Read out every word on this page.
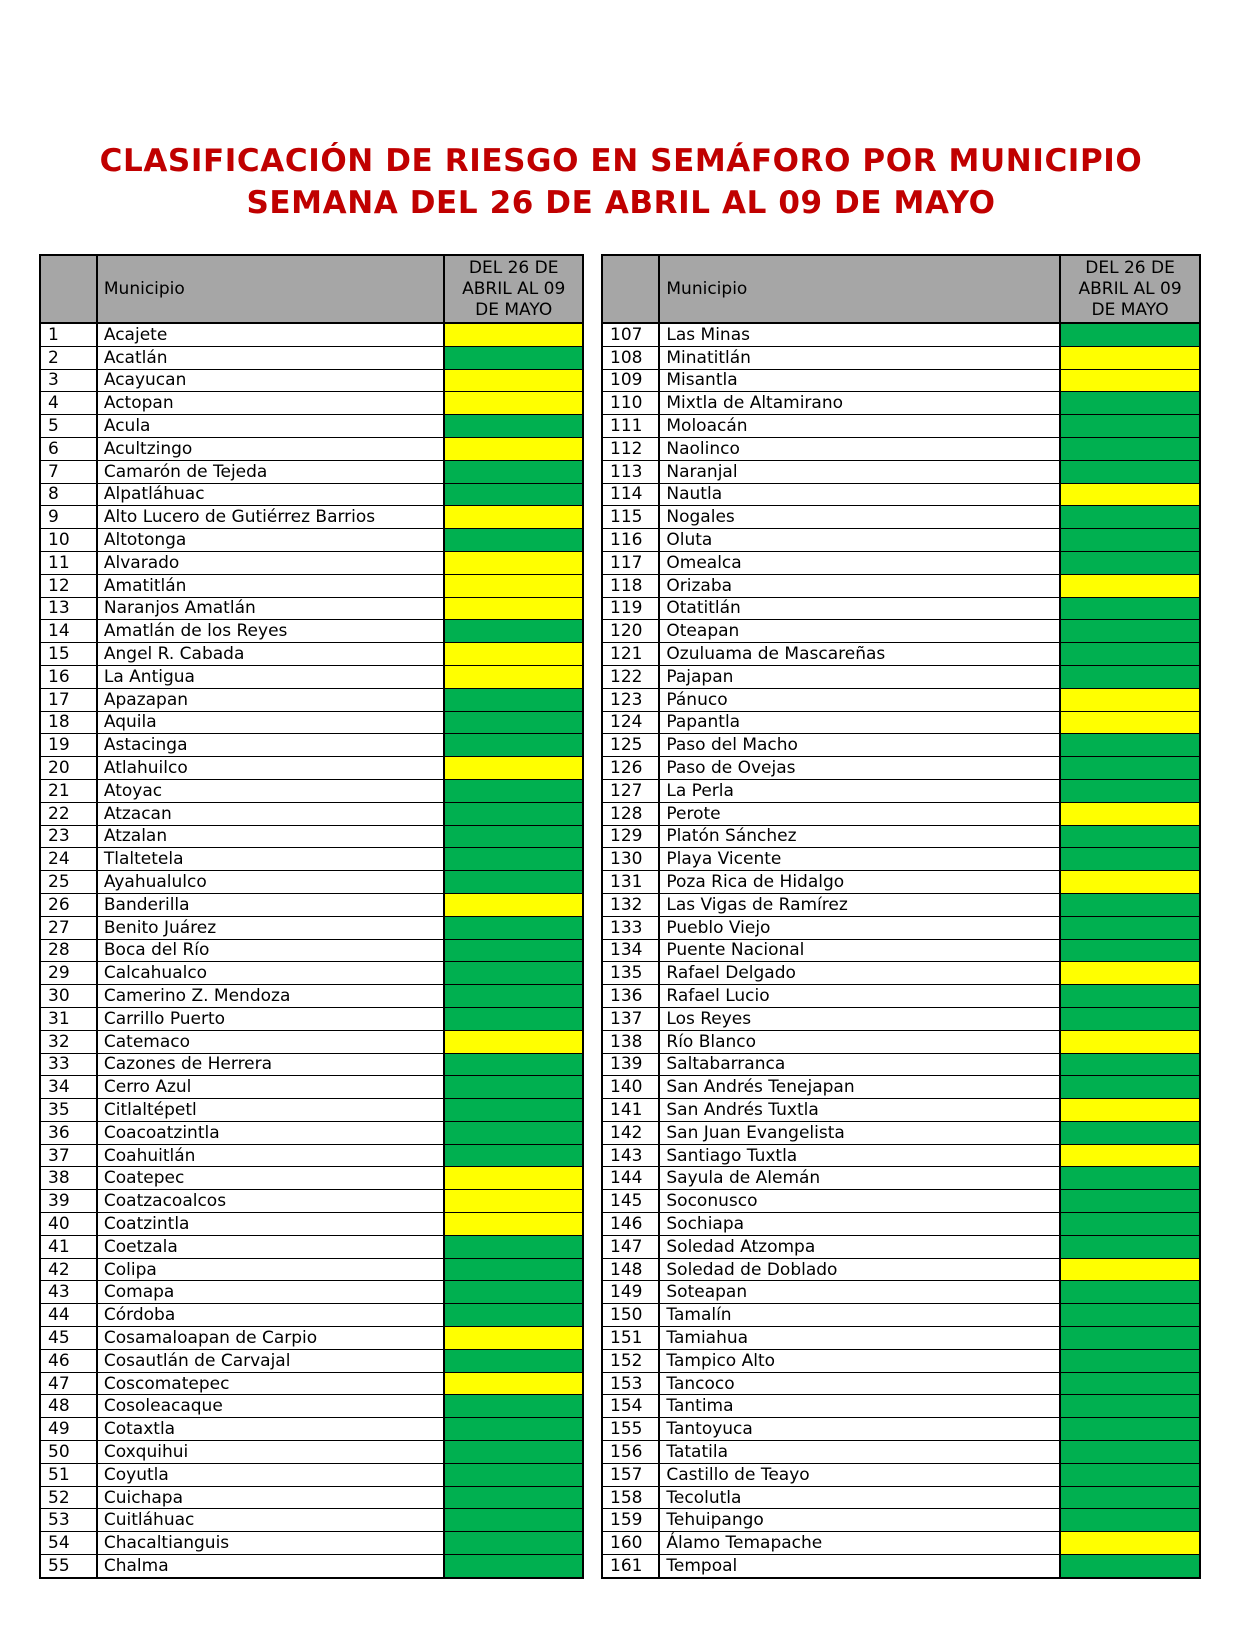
CLASIFICACIÓN DE RIESGO EN SEMÁFORO POR MUNICIPIO
SEMANA DEL 26 DE ABRIL AL 09 DE MAYO
	Municipio	DEL 26 DE
ABRIL AL 09
DE MAYO

1	Acajete	
2	Acatlán	
3	Acayucan	
4	Actopan	
5	Acula	
6	Acultzingo	
7	Camarón de Tejeda	
8	Alpatláhuac	
9	Alto Lucero de Gutiérrez Barrios	
10	Altotonga	
11	Alvarado	
12	Amatitlán	
13	Naranjos Amatlán	
14	Amatlán de los Reyes	
15	Angel R. Cabada	
16	La Antigua	
17	Apazapan	
18	Aquila	
19	Astacinga	
20	Atlahuilco	
21	Atoyac	
22	Atzacan	
23	Atzalan	
24	Tlaltetela	
25	Ayahualulco	
26	Banderilla	
27	Benito Juárez	
28	Boca del Río	
29	Calcahualco	
30	Camerino Z. Mendoza	
31	Carrillo Puerto	
32	Catemaco	
33	Cazones de Herrera	
34	Cerro Azul	
35	Citlaltépetl	
36	Coacoatzintla	
37	Coahuitlán	
38	Coatepec	
39	Coatzacoalcos	
40	Coatzintla	
41	Coetzala	
42	Colipa	
43	Comapa	
44	Córdoba	
45	Cosamaloapan de Carpio	
46	Cosautlán de Carvajal	
47	Coscomatepec	
48	Cosoleacaque	
49	Cotaxtla	
50	Coxquihui	
51	Coyutla	
52	Cuichapa	
53	Cuitláhuac	
54	Chacaltianguis	
55	Chalma	
	Municipio	DEL 26 DE
ABRIL AL 09
DE MAYO

107	Las Minas	
108	Minatitlán	
109	Misantla	
110	Mixtla de Altamirano	
111	Moloacán	
112	Naolinco	
113	Naranjal	
114	Nautla	
115	Nogales	
116	Oluta	
117	Omealca	
118	Orizaba	
119	Otatitlán	
120	Oteapan	
121	Ozuluama de Mascareñas	
122	Pajapan	
123	Pánuco	
124	Papantla	
125	Paso del Macho	
126	Paso de Ovejas	
127	La Perla	
128	Perote	
129	Platón Sánchez	
130	Playa Vicente	
131	Poza Rica de Hidalgo	
132	Las Vigas de Ramírez	
133	Pueblo Viejo	
134	Puente Nacional	
135	Rafael Delgado	
136	Rafael Lucio	
137	Los Reyes	
138	Río Blanco	
139	Saltabarranca	
140	San Andrés Tenejapan	
141	San Andrés Tuxtla	
142	San Juan Evangelista	
143	Santiago Tuxtla	
144	Sayula de Alemán	
145	Soconusco	
146	Sochiapa	
147	Soledad Atzompa	
148	Soledad de Doblado	
149	Soteapan	
150	Tamalín	
151	Tamiahua	
152	Tampico Alto	
153	Tancoco	
154	Tantima	
155	Tantoyuca	
156	Tatatila	
157	Castillo de Teayo	
158	Tecolutla	
159	Tehuipango	
160	Álamo Temapache	
161	Tempoal	
